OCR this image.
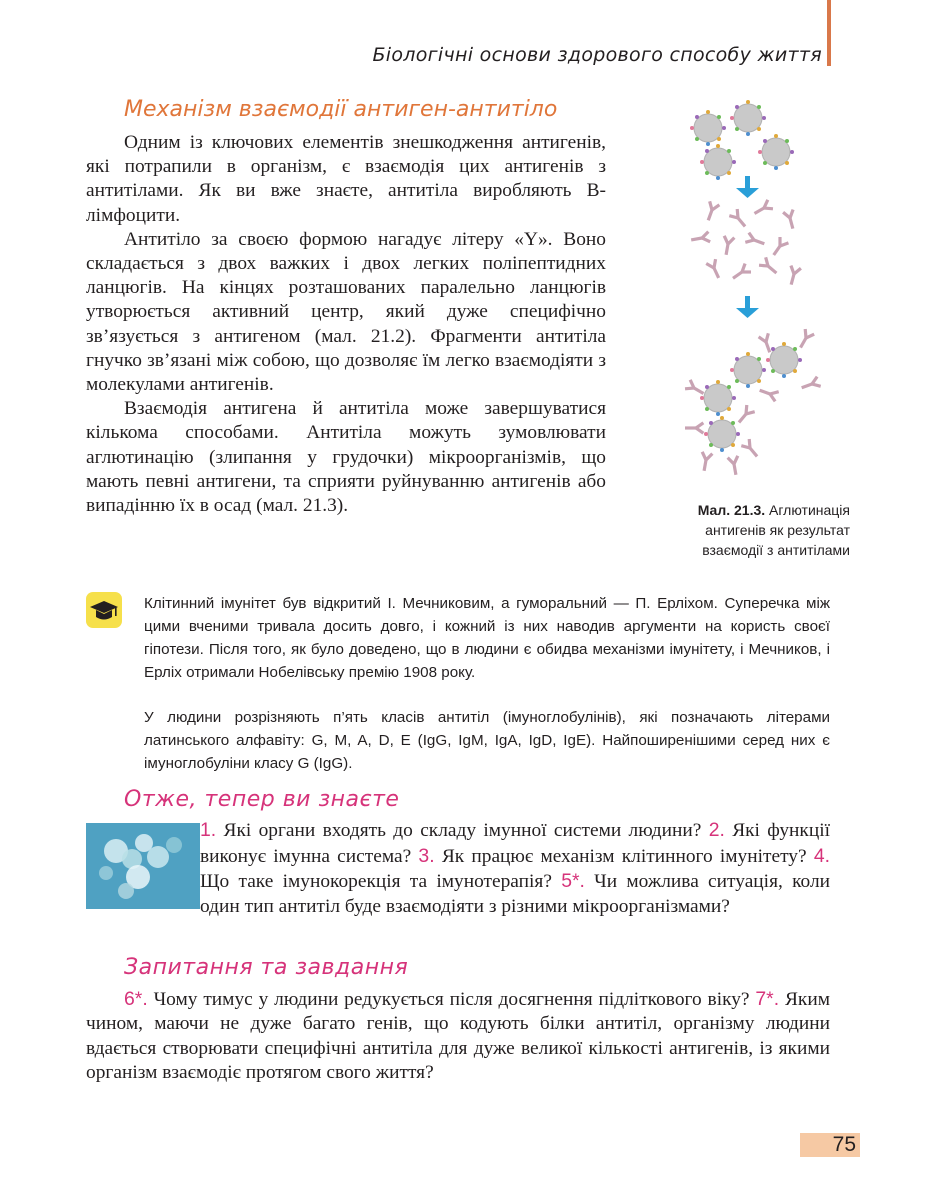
Біологічні основи здорового способу життя
Механізм взаємодії антиген-антитіло

Одним із ключових елементів знешкодження антигенів, які потрапили в організм, є взаємодія цих антигенів з антитілами. Як ви вже знаєте, антитіла виробляють В-лімфоцити.

Антитіло за своєю формою нагадує літеру «Y». Воно складається з двох важких і двох легких поліпептидних ланцюгів. На кінцях розташованих паралельно ланцюгів утворюється активний центр, який дуже специфічно зв’язується з антигеном (мал. 21.2). Фрагменти антитіла гнучко зв’язані між собою, що дозволяє їм легко взаємодіяти з молекулами антигенів.

Взаємодія антигена й антитіла може завершуватися кількома способами. Антитіла можуть зумовлювати аглютинацію (злипання у грудочки) мікроорганізмів, що мають певні антигени, та сприяти руйнуванню антигенів або випадінню їх в осад (мал. 21.3).	Мал. 21.3. Аглютинація антигенів як результат взаємодії з антитілами
Клітинний імунітет був відкритий І. Мечниковим, а гуморальний — П. Ерліхом. Суперечка між цими вченими тривала досить довго, і кожний із них наводив аргументи на користь своєї гіпотези. Після того, як було доведено, що в людини є обидва механізми імунітету, і Мечников, і Ерліх отримали Нобелівську премію 1908 року.
У людини розрізняють п’ять класів антитіл (імуноглобулінів), які позначають літерами латинського алфавіту: G, M, A, D, E (IgG, IgM, IgA, IgD, IgE). Найпоширенішими серед них є імуноглобуліни класу G (IgG).
Отже, тепер ви знаєте
1. Які органи входять до складу імунної системи людини? 2. Які функції виконує імунна система? 3. Як працює механізм клітинного імунітету? 4. Що таке імунокорекція та імунотерапія? 5*. Чи можлива ситуація, коли один тип антитіл буде взаємодіяти з різними мікроорганізмами?
Запитання та завдання

6*. Чому тимус у людини редукується після досягнення підліткового віку? 7*. Яким чином, маючи не дуже багато генів, що кодують білки антитіл, організму людини вдається створювати специфічні антитіла для дуже великої кількості антигенів, із якими організм взаємодіє протягом свого життя?

75
